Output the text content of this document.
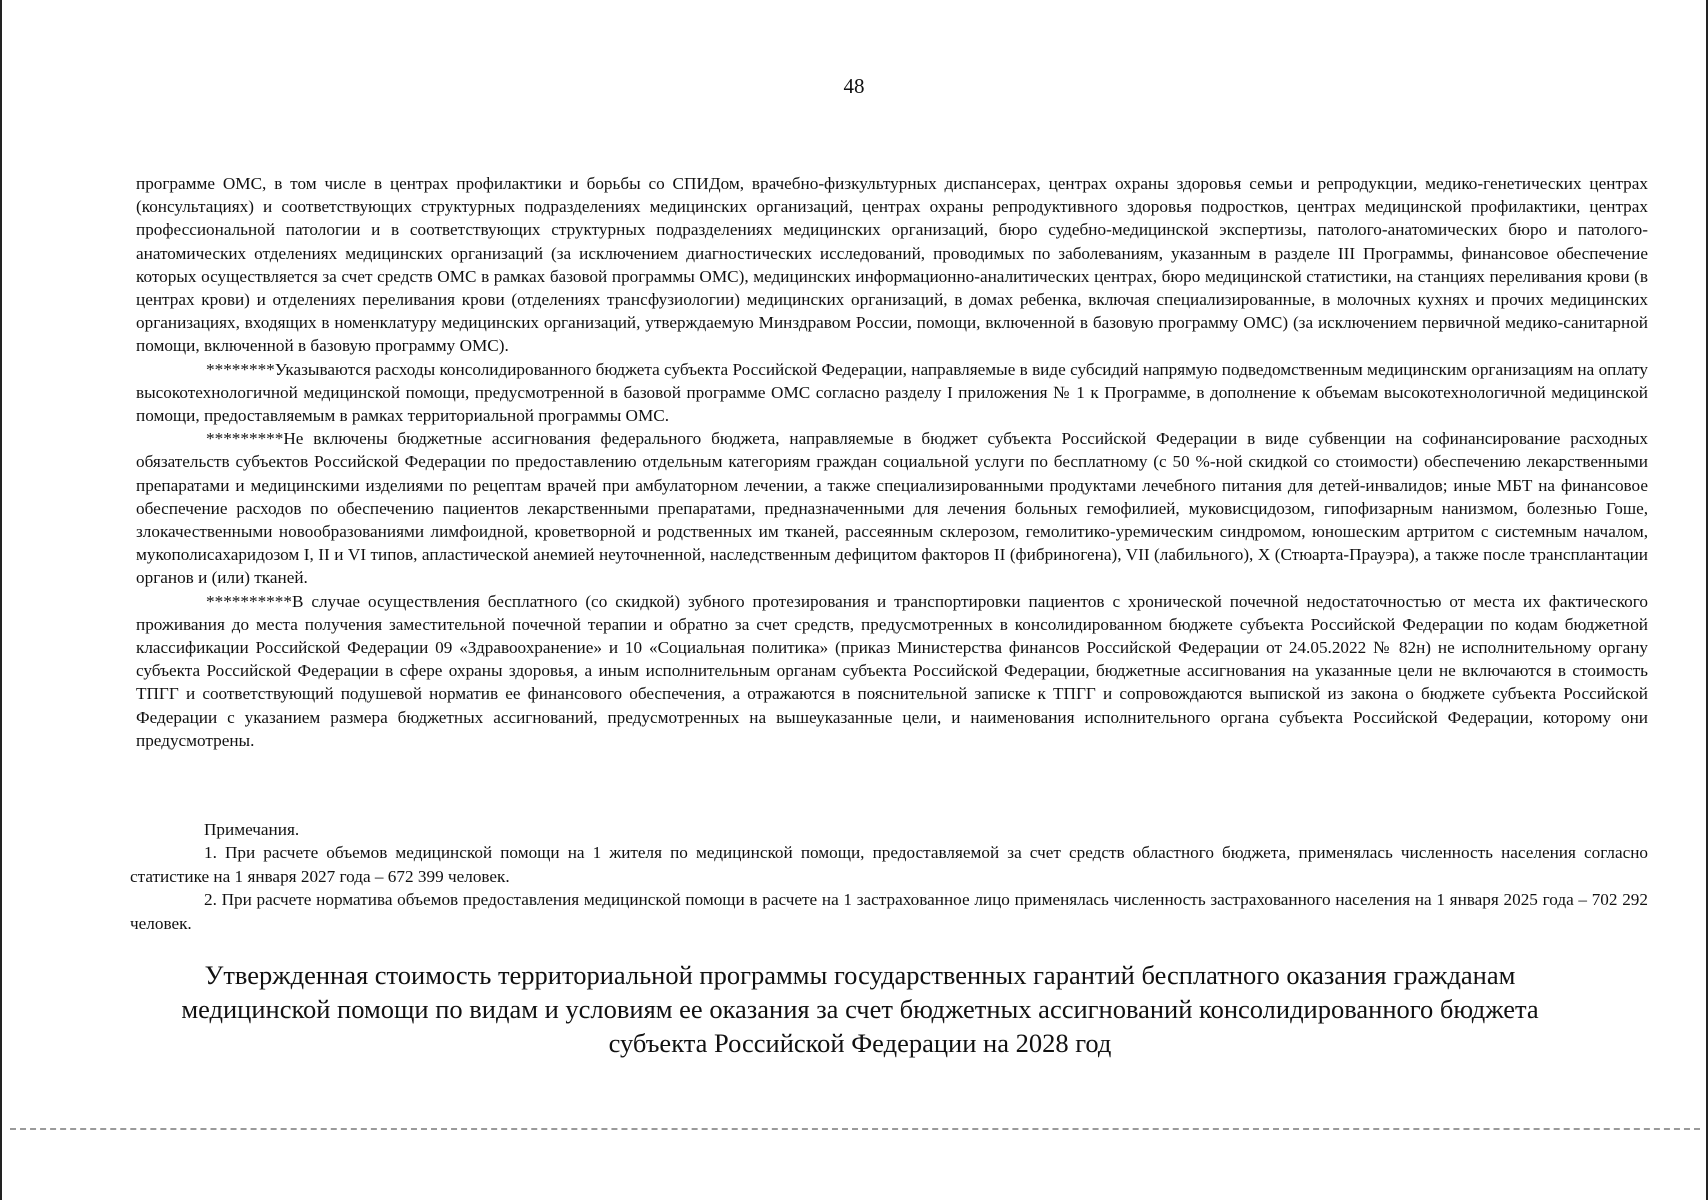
48

программе ОМС, в том числе в центрах профилактики и борьбы со СПИДом, врачебно-физкультурных диспансерах, центрах охраны здоровья семьи и репродукции, медико-генетических центрах (консультациях) и соответствующих структурных подразделениях медицинских организаций, центрах охраны репродуктивного здоровья подростков, центрах медицинской профилактики, центрах профессиональной патологии и в соответствующих структурных подразделениях медицинских организаций, бюро судебно-медицинской экспертизы, патолого-анатомических бюро и патолого-анатомических отделениях медицинских организаций (за исключением диагностических исследований, проводимых по заболеваниям, указанным в разделе III Программы, финансовое обеспечение которых осуществляется за счет средств ОМС в рамках базовой программы ОМС), медицинских информационно-аналитических центрах, бюро медицинской статистики, на станциях переливания крови (в центрах крови) и отделениях переливания крови (отделениях трансфузиологии) медицинских организаций, в домах ребенка, включая специализированные, в молочных кухнях и прочих медицинских организациях, входящих в номенклатуру медицинских организаций, утверждаемую Минздравом России, помощи, включенной в базовую программу ОМС) (за исключением первичной медико-санитарной помощи, включенной в базовую программу ОМС).

********Указываются расходы консолидированного бюджета субъекта Российской Федерации, направляемые в виде субсидий напрямую подведомственным медицинским организациям на оплату высокотехнологичной медицинской помощи, предусмотренной в базовой программе ОМС согласно разделу I приложения № 1 к Программе, в дополнение к объемам высокотехнологичной медицинской помощи, предоставляемым в рамках территориальной программы ОМС.

*********Не включены бюджетные ассигнования федерального бюджета, направляемые в бюджет субъекта Российской Федерации в виде субвенции на софинансирование расходных обязательств субъектов Российской Федерации по предоставлению отдельным категориям граждан социальной услуги по бесплатному (с 50 %-ной скидкой со стоимости) обеспечению лекарственными препаратами и медицинскими изделиями по рецептам врачей при амбулаторном лечении, а также специализированными продуктами лечебного питания для детей-инвалидов; иные МБТ на финансовое обеспечение расходов по обеспечению пациентов лекарственными препаратами, предназначенными для лечения больных гемофилией, муковисцидозом, гипофизарным нанизмом, болезнью Гоше, злокачественными новообразованиями лимфоидной, кроветворной и родственных им тканей, рассеянным склерозом, гемолитико-уремическим синдромом, юношеским артритом с системным началом, мукополисахаридозом I, II и VI типов, апластической анемией неуточненной, наследственным дефицитом факторов II (фибриногена), VII (лабильного), X (Стюарта-Прауэра), а также после трансплантации органов и (или) тканей.

**********В случае осуществления бесплатного (со скидкой) зубного протезирования и транспортировки пациентов с хронической почечной недостаточностью от места их фактического проживания до места получения заместительной почечной терапии и обратно за счет средств, предусмотренных в консолидированном бюджете субъекта Российской Федерации по кодам бюджетной классификации Российской Федерации 09 «Здравоохранение» и 10 «Социальная политика» (приказ Министерства финансов Российской Федерации от 24.05.2022 № 82н) не исполнительному органу субъекта Российской Федерации в сфере охраны здоровья, а иным исполнительным органам субъекта Российской Федерации, бюджетные ассигнования на указанные цели не включаются в стоимость ТПГГ и соответствующий подушевой норматив ее финансового обеспечения, а отражаются в пояснительной записке к ТПГГ и сопровождаются выпиской из закона о бюджете субъекта Российской Федерации с указанием размера бюджетных ассигнований, предусмотренных на вышеуказанные цели, и наименования исполнительного органа субъекта Российской Федерации, которому они предусмотрены.

Примечания.

1. При расчете объемов медицинской помощи на 1 жителя по медицинской помощи, предоставляемой за счет средств областного бюджета, применялась численность населения согласно статистике на 1 января 2027 года – 672 399 человек.

2. При расчете норматива объемов предоставления медицинской помощи в расчете на 1 застрахованное лицо применялась численность застрахованного населения на 1 января 2025 года – 702 292 человек.

Утвержденная стоимость территориальной программы государственных гарантий бесплатного оказания гражданам
медицинской помощи по видам и условиям ее оказания за счет бюджетных ассигнований консолидированного бюджета
субъекта Российской Федерации на 2028 год
